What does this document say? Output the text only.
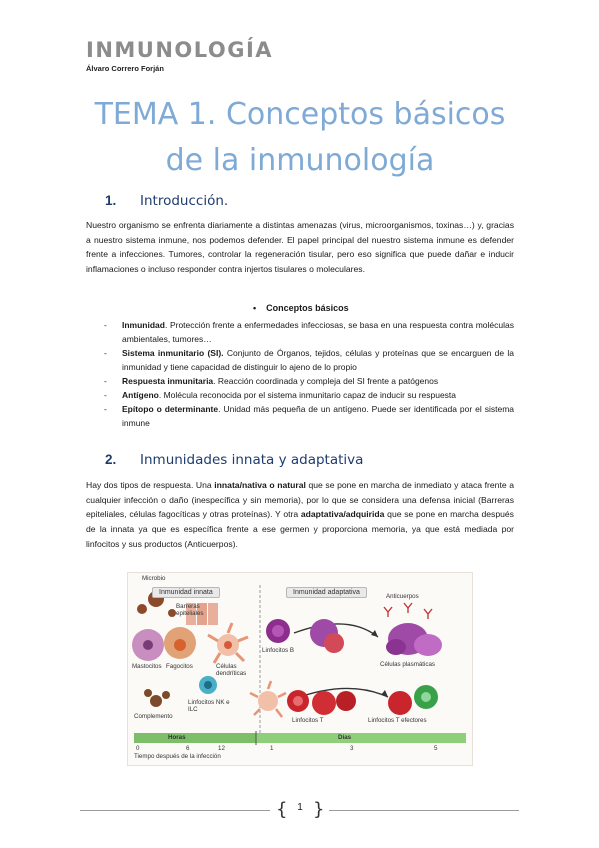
INMUNOLOGÍA
Álvaro Correro Forján
TEMA 1. Conceptos básicos
de la inmunología
1. Introducción.
Nuestro organismo se enfrenta diariamente a distintas amenazas (virus, microorganismos, toxinas…) y, gracias a nuestro sistema inmune, nos podemos defender. El papel principal del nuestro sistema inmune es defender frente a infecciones. Tumores, controlar la regeneración tisular, pero eso significa que puede dañar e inducir inflamaciones o incluso responder contra injertos tisulares o moleculares.
• Conceptos básicos
- Inmunidad. Protección frente a enfermedades infecciosas, se basa en una respuesta contra moléculas ambientales, tumores…
- Sistema inmunitario (SI). Conjunto de Órganos, tejidos, células y proteínas que se encarguen de la inmunidad y tiene capacidad de distinguir lo ajeno de lo propio
- Respuesta inmunitaria. Reacción coordinada y compleja del SI frente a patógenos
- Antígeno. Molécula reconocida por el sistema inmunitario capaz de inducir su respuesta
- Epítopo o determinante. Unidad más pequeña de un antígeno. Puede ser identificada por el sistema inmune
2. Inmunidades innata y adaptativa
Hay dos tipos de respuesta. Una innata/nativa o natural que se pone en marcha de inmediato y ataca frente a cualquier infección o daño (inespecífica y sin memoria), por lo que se considera una defensa inicial (Barreras epiteliales, células fagocíticas y otras proteínas). Y otra adaptativa/adquirida que se pone en marcha después de la innata ya que es específica frente a ese germen y proporciona memoria, ya que está mediada por linfocitos y sus productos (Anticuerpos).
Inmunidad innata	Inmunidad adaptativa
Microbio
Barreras epiteliales
Mastocitos Fagocitos	Células dendríticas
Complemento
Linfocitos NK e ILC
Linfocitos B
Anticuerpos
Células plasmáticas
Linfocitos T	Linfocitos T efectores
Horas	Días
0	6	12	1	3	5
Tiempo después de la infección
{ 1 }
